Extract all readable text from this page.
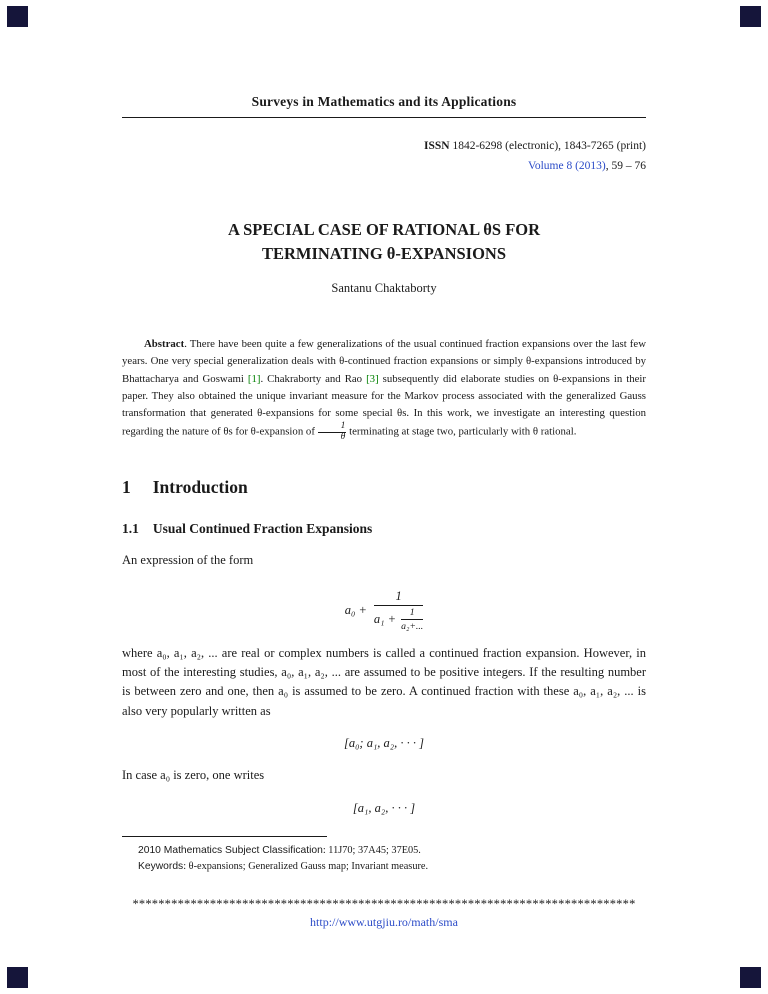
Surveys in Mathematics and its Applications
ISSN 1842-6298 (electronic), 1843-7265 (print)
Volume 8 (2013), 59 – 76
A SPECIAL CASE OF RATIONAL θS FOR
TERMINATING θ-EXPANSIONS
Santanu Chaktaborty

Abstract. There have been quite a few generalizations of the usual continued fraction expansions over the last few years. One very special generalization deals with θ-continued fraction expansions or simply θ-expansions introduced by Bhattacharya and Goswami [1]. Chakraborty and Rao [3] subsequently did elaborate studies on θ-expansions in their paper. They also obtained the unique invariant measure for the Markov process associated with the generalized Gauss transformation that generated θ-expansions for some special θs. In this work, we investigate an interesting question regarding the nature of θs for θ-expansion of $\frac{1}{\theta}$ terminating at stage two, particularly with θ rational.

1 Introduction
1.1 Usual Continued Fraction Expansions

An expression of the form

$a_0 + \frac{1}{a_1 + \frac{1}{\text{a₂+...}}}$

where a₀, a₁, a₂, ... are real or complex numbers is called a continued fraction expansion. However, in most of the interesting studies, a₀, a₁, a₂, ... are assumed to be positive integers. If the resulting number is between zero and one, then a₀ is assumed to be zero. A continued fraction with these a₀, a₁, a₂, ... is also very popularly written as

[a₀; a₁, a₂, · · · ]

In case a₀ is zero, one writes

[a₁, a₂, · · · ]

2010 Mathematics Subject Classification: 11J70; 37A45; 37E05.

Keywords: θ-expansions; Generalized Gauss map; Invariant measure.

******************************************************************************
http://www.utgjiu.ro/math/sma
